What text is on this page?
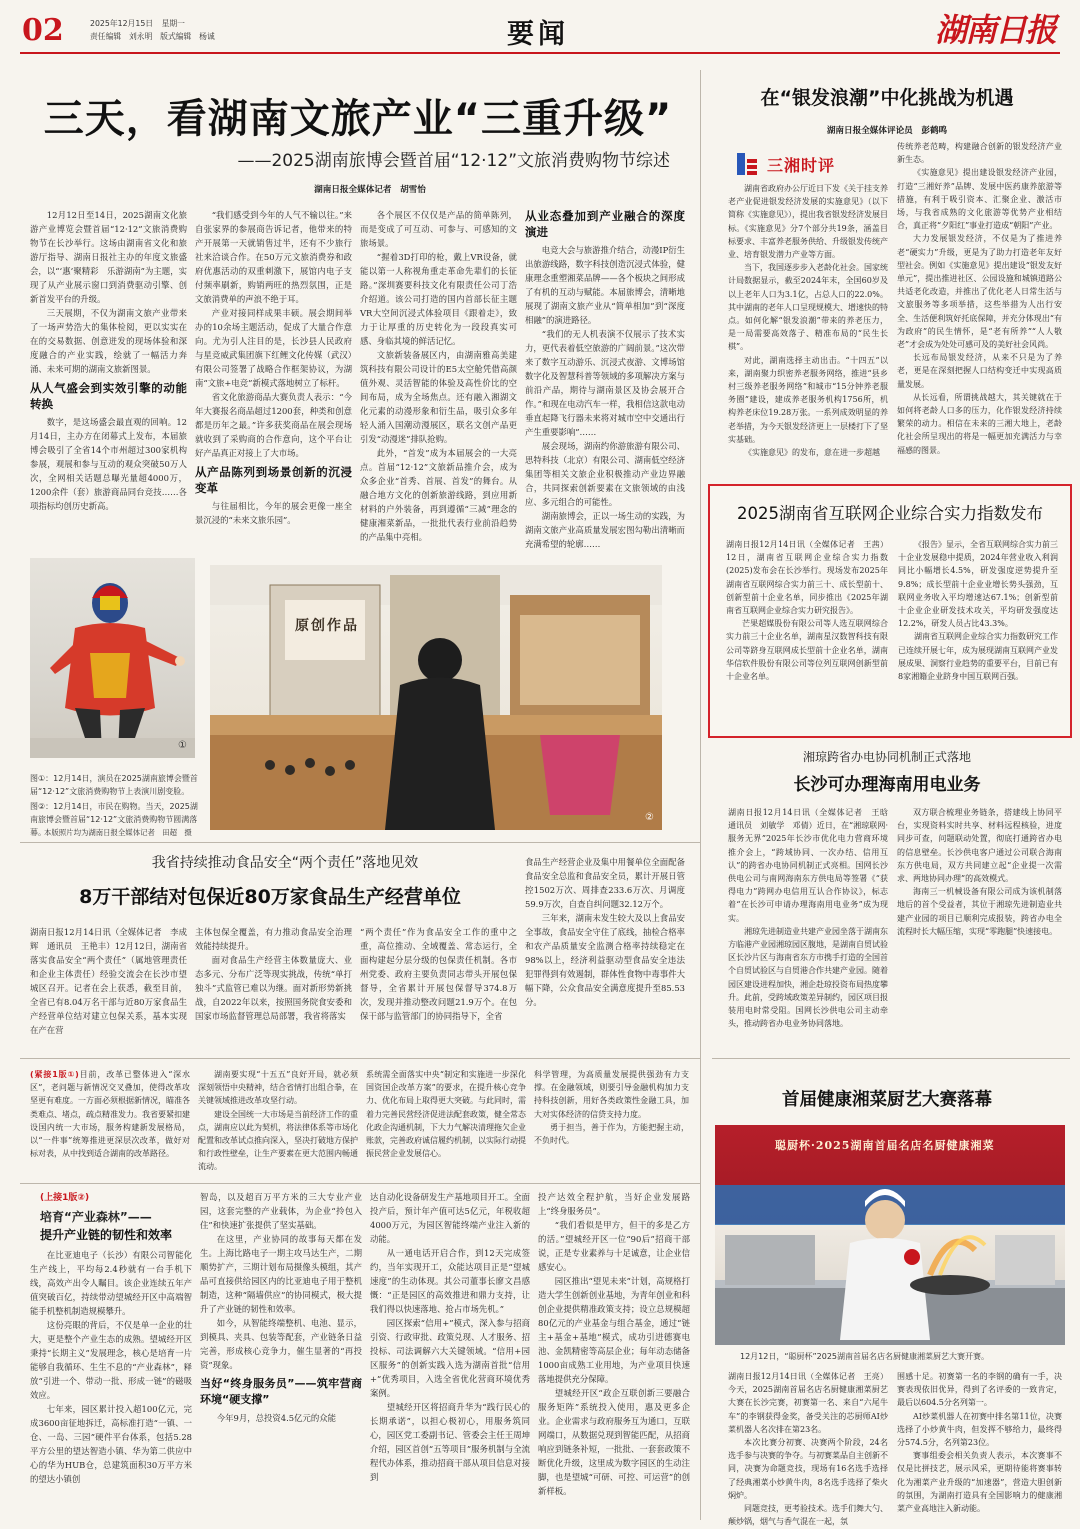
02	2025年12月15日 星期一
责任编辑　刘永明　版式编辑　杨诚	要闻	湖南日报
三天，看湖南文旅产业“三重升级”
——2025湖南旅博会暨首届“12·12”文旅消费购物节综述
湖南日报全媒体记者　胡雪怡

12月12日至14日，2025湖南文化旅游产业博览会暨首届“12·12”文旅消费购物节在长沙举行。这场由湖南省文化和旅游厅指导、湖南日报社主办的年度文旅盛会，以“‘惠’聚精彩　乐游湖南”为主题，实现了从产业展示窗口到消费驱动引擎、创新首发平台的升级。

三天展期，不仅为湖南文旅产业带来了一场声势浩大的集体检阅，更以实实在在的交易数据、创意迸发的现场体验和深度融合的产业实践，绘就了一幅活力奔涌、未来可期的湖南文旅新图景。

从人气盛会到实效引擎的动能转换

数字，是这场盛会最直观的回响。12月14日，主办方在闭幕式上发布，本届旅博会吸引了全省14个市州超过300家机构参展，观展和参与互动的观众突破50万人次，全网相关话题总曝光量超4000万，1200余件（套）旅游商品同台竞技……各项指标均创历史新高。

“我们感受到今年的人气不输以往。”来自张家界的参展商告诉记者，他带来的特产开展第一天就销售过半，还有不少旅行社来洽谈合作。在50万元文旅消费券和政府优惠活动的双重刺激下，展馆内电子支付频率刷新，购销两旺的热烈氛围，正是文旅消费单的声浪不绝于耳。

产业对接同样成果丰硕。展会期间举办的10余场主题活动，促成了大量合作意向。尤为引人注目的是，长沙县人民政府与星竞威武集团旗下红鲤文化传媒（武汉）有限公司签署了战略合作框架协议，为湖南“文旅+电竞”新模式落地树立了标杆。

省文化旅游商品大赛负责人表示：“今年大赛报名商品超过1200套，种类和创意都是历年之最。”许多获奖商品在展会现场就收到了采购商的合作意向，这个平台让好产品真正对接上了大市场。

从产品陈列到场景创新的沉浸变革

与往届相比，今年的展会更像一座全景沉浸的“未来文旅乐园”。

各个展区不仅仅是产品的简单陈列，而是变成了可互动、可参与、可感知的文旅场景。

“握着3D打印的枪，戴上VR设备，就能以第一人称视角重走革命先辈们的长征路。”深圳赛要科技文化有限责任公司丁浩介绍道。该公司打造的国内首部长征主题VR大空间沉浸式体验项目《跟着走》，致力于让厚重的历史转化为一段段真实可感、身临其境的鲜活记忆。

文旅新装备展区内，由湖南雅高美建筑科技有限公司设计的E5太空舱凭借高颜值外观、灵活智能的体验及高性价比的空间布局，成为全场焦点。还有融入湘湖文化元素的动漫形象和衍生品，吸引众多年轻人涌入国潮动漫展区，联名文创产品更引发“动漫迷”排队抢购。

此外，“首发”成为本届展会的一大亮点。首届“12·12”文旅新品推介会，成为众多企业“首秀、首展、首发”的舞台。从融合地方文化的创新旅游线路，到应用新材料的户外装备，再到遵循“三减”理念的健康湘菜新品，一批批代表行业前沿趋势的产品集中亮相。

从业态叠加到产业融合的深度演进

电竞大会与旅游推介结合，动漫IP衍生出旅游线路，数字科技创造沉浸式体验，健康理念重塑湘菜品牌——各个板块之间形成了有机的互动与赋能。本届旅博会，清晰地展现了湖南文旅产业从“简单相加”到“深度相融”的演进路径。

“我们的无人机表演不仅展示了技术实力，更代表着低空旅游的广阔前景。”这次带来了数字互动游乐、沉浸式夜游、文博场馆数字化及智慧科普等领域的多项解决方案与前沿产品，期待与湖南景区及协会展开合作。”和现在电动汽车一样，我相信这款电动垂直起降飞行器未来将对城市空中交通出行产生重要影响”……

展会现场，湖南约你游旅游有限公司、思特科技（北京）有限公司、湖南低空经济集团等相关文旅企业积极推动产业边界融合，共同探索创新要素在文旅领域的由浅应、多元组合的可能性。

湖南旅博会，正以一场生动的实践，为湖南文旅产业高质量发展宏图勾勒出清晰而充满希望的轮廓……

①
原创作品
②
图①：12月14日，演员在2025湖南旅博会暨首届“12·12”文旅消费购物节上表演川剧变脸。
图②：12月14日，市民在购物。当天，2025湖南旅博会暨首届“12·12”文旅消费购物节圆满落幕。
本版照片均为湖南日报全媒体记者　田超　摄
我省持续推动食品安全“两个责任”落地见效
8万干部结对包保近80万家食品生产经营单位

湖南日报12月14日讯（全媒体记者　李成辉　通讯员　王艳丰）12月12日，湖南省落实食品安全“两个责任”（属地管理责任和企业主体责任）经验交流会在长沙市望城区召开。记者在会上获悉，截至目前，全省已有8.04万名干部与近80万家食品生产经营单位结对建立包保关系，基本实现在产在营

主体包保全覆盖，有力推动食品安全治理效能持续提升。

面对食品生产经营主体数量庞大、业态多元、分布广泛等现实挑战，传统“单打独斗”式监管已难以为继。面对新形势新挑战，自2022年以来，按照国务院食安委和国家市场监督管理总局部署，我省将落实

“两个责任”作为食品安全工作的重中之重，高位推动、全域覆盖、常态运行，全面构建起分层分级的包保责任机制。各市州党委、政府主要负责同志带头开展包保督导，全省累计开展包保督导374.8万次，发现并推动整改问题21.9万个。在包保干部与监管部门的协同指导下，全省

食品生产经营企业及集中用餐单位全面配备食品安全总监和食品安全员，累计开展日管控1502万次、周排查233.6万次、月调度59.9万次，自查自纠问题32.12万个。

三年来，湖南未发生较大及以上食品安全事故，食品安全守住了底线，抽检合格率和农产品质量安全监测合格率持续稳定在98%以上，经济利益驱动型食品安全违法犯罪得到有效遏制，群体性食物中毒事件大幅下降，公众食品安全满意度提升至85.53分。

(紧接1版①)目前，改革已整体进入“深水区”，老问题与新情况交叉叠加，使得改革攻坚更有难度。一方面必须根据新情况，瞄准各类难点、堵点，疏点精准发力。我省要紧扣建设国内统一大市场，服务构建新发展格局，以“一件事”统筹推进更深层次改革，做好对标对表，从中找到适合湖南的改革路径。

湖南要实现“十五五”良好开局，就必须深刻领悟中央精神，结合省情打出组合拳，在关键领域推进改革攻坚行动。

建设全国统一大市场是当前经济工作的重点，湖南应以此为契机，将法律体系等市场化配置和改革试点推向深入，坚决打破地方保护和行政性壁垒，让生产要素在更大范围内畅通流动。

系统需全面落实中央“制定和实施进一步深化国资国企改革方案”的要求，在提升核心竞争力、优化布局上取得更大突破。与此同时，需着力完善民营经济促进法配套政策，健全常态化政企沟通机制，下大力气解决清理拖欠企业账款，完善政府诚信履约机制，以实际行动提振民营企业发展信心。

科学管理，为高质量发展提供强劲有力支撑。在金融领域，则要引导金融机构加力支持科技创新，用好各类政策性金融工具，加大对实体经济的信贷支持力度。

勇于担当，善于作为，方能把握主动，不负时代。

(上接1版②)
培育“产业森林”——
提升产业链的韧性和效率

在比亚迪电子（长沙）有限公司智能化生产线上，平均每2.4秒就有一台手机下线，高效产出令人瞩目。该企业连续五年产值突破百亿，持续带动望城经开区中高端智能手机整机制造规模攀升。

这份亮眼的背后，不仅是单一企业的壮大，更是整个产业生态的成熟。望城经开区秉持“长期主义”发展理念，核心是培育一片能够自我循环、生生不息的“产业森林”，释放“引进一个、带动一批、形成一链”的磁吸效应。

七年来，园区累计投入超100亿元，完成3600亩征地拆迁，高标准打造“一镇、一仓、一岛、三园”硬件平台体系，包括5.28平方公里的望达智造小镇、华为第二供应中心的华为HUB仓，总建筑面积30万平方米的望达小镇创

智岛，以及超百万平方米的三大专业产业园，这套完整的产业载体，为企业“拎包入住”和快速扩张提供了坚实基础。

在这里，产业协同的故事每天都在发生。上海比路电子一期主攻马达生产，二期顺势扩产，三期计划布局摄像头模组，其产品可直接供给园区内的比亚迪电子用于整机制造，这种“隔墙供应”的协同模式，极大提升了产业链的韧性和效率。

如今，从智能终端整机、电池、显示，到模具、夹具、包装等配套，产业链条日益完善，形成核心竞争力，催生显著的“再投资”现象。

当好“终身服务员”——筑牢营商环境“硬支撑”

今年9月，总投资4.5亿元的众能

达自动化设备研发生产基地项目开工。全面投产后，预计年产值可达5亿元，年税收超4000万元，为园区智能终端产业注入新的动能。

从一通电话开启合作，到12天完成签约，当年实现开工，众能达项目正是“望城速度”的生动体现。其公司董事长廖文昌感慨：“正是园区的高效推进和鼎力支持，让我们得以快速落地、抢占市场先机。”

园区探索“信用+”模式，深入参与招商引资、行政审批、政策兑现、人才服务、招投标、司法调解六大关键领域。“信用+园区服务”的创新实践入选为湖南首批“信用+”优秀项目，入选全省优化营商环境优秀案例。

望城经开区将招商升华为“践行民心的长期承诺”，以担心极初心，用服务筑同心，园区党工委副书记、管委会主任王周坤介绍，园区首创“五等项目”服务机制与全流程代办体系，推动招商干部从项目信息对接到

投产达效全程护航，当好企业发展路上“终身服务员”。

“我们看似是甲方，但干的多是乙方的活。”望城经开区一位“90后”招商干部说，正是专业素养与十足诚意，让企业信感安心。

园区推出“望见未来”计划，高规格打造大学生创新创业基地，为青年创业和科创企业提供精准政策支持；设立总规模超80亿元的产业基金与组合基金，通过“链主+基金+基地”模式，成功引进德赛电池、金凯精密等高层企业；每年动态储备1000亩成熟工业用地，为产业项目快速落地提供充分保障。

望城经开区“政企互联创新三要融合服务矩阵”系统投入使用，惠及更多企业。企业需求与政府服务互为通口，互联网端口，从数据兑现到智能匹配，从招商响应到链条补短，一批批、一套套政策不断优化升级，这里成为数字园区的生动注脚，也是望城“可研、可控、可运营”的创新样板。

在“银发浪潮”中化挑战为机遇
湖南日报全媒体评论员　彭鹤鸣
三湘时评

湖南省政府办公厅近日下发《关于挂支养老产业促进银发经济发展的实施意见》（以下简称《实施意见》），提出我省银发经济发展目标。《实施意见》分7个部分共19条，涵盖目标要求、丰富养老服务供给、升级银发传统产业、培育银发潜力产业等方面。

当下，我国逐步步入老龄化社会。国家统计局数据显示，截至2024年末，全国60岁及以上老年人口为3.1亿，占总人口的22.0%。其中湖南的老年人口呈现规模大、增速快的特点。如何化解“银发浪潮”带来的养老压力，是一局需要高效落子、精准布局的“民生长棋”。

对此，湖南选择主动出击。“十四五”以来，湖南聚力织密养老服务网络，推进“县乡村三级养老服务网络”和城市“15分钟养老服务圈”建设，建成养老服务机构1756所，机构养老床位19.28万张。一系列成效明显的养老举措，为今天银发经济更上一层楼打下了坚实基础。

《实施意见》的发布，意在进一步超越

传统养老范畴，构建融合创新的银发经济产业新生态。

《实施意见》提出建设银发经济产业园，打造“三湘好养”品牌、发展中医药康养旅游等措施，有利于吸引资本、汇聚企业、激活市场，与我省成熟的文化旅游等优势产业相结合，真正将“夕阳红”事业打造成“朝阳”产业。

大力发展银发经济，不仅是为了推进养老“硬实力”升级，更是为了助力打造老年友好型社会。例如《实施意见》提出建设“银发友好单元”，提出推进社区、公园设施和城镇道路公共适老化改造，并推出了优化老人日常生活与文旅服务等多项举措，这些举措为人出行安全、生活便利筑好托底保障，并充分体现出“有为政府”的民生情怀，是“老有所养”“人人敬老”才会成为处处可感可及的美好社会风尚。

长远布局银发经济，从来不只是为了养老，更是在深刻把握人口结构变迁中实现高质量发展。

从长远看，所谓挑战越大，其关键就在于如何将老龄人口多的压力，化作银发经济持续繁荣的动力。相信在未来的三湘大地上，老龄化社会所呈现出的将是一幅更加充满活力与幸福感的图景。

2025湖南省互联网企业综合实力指数发布

湖南日报12月14日讯（全媒体记者　王茜）12日，湖南省互联网企业综合实力指数(2025)发布会在长沙举行。现场发布2025年湖南省互联网综合实力前三十、成长型前十、创新型前十企业名单，同步推出《2025年湖南省互联网企业综合实力研究报告》。

芒果超媒股份有限公司等人选互联网综合实力前三十企业名单，湖南星汉数智科技有限公司等跻身互联网成长型前十企业名单，湖南华信软件股份有限公司等位列互联网创新型前十企业名单。

《报告》显示，全省互联网综合实力前三十企业发展稳中提质，2024年营业收入利润同比小幅增长4.5%，研发强度逆势提升至9.8%；成长型前十企业业增长势头强劲，互联网业务收入平均增速达67.1%；创新型前十企业企业研发技术攻关，平均研发强度达12.2%，研发人员占比43.3%。

湖南省互联网企业综合实力指数研究工作已连续开展七年，成为展现湖南互联网产业发展成果、洞察行业趋势的重要平台，目前已有8家湘籍企业跻身中国互联网百强。

湘琼跨省办电协同机制正式落地
长沙可办理海南用电业务

湖南日报12月14日讯（全媒体记者　王晗　通讯员　刘敏学　邓倩）近日，在“湘琼联网·服务无界”2025年长沙市优化电力营商环境推介会上，“跨域协同、一次办结、信用互认”的跨省办电协同机制正式亮相。国网长沙供电公司与南网海南东方供电局等签署《“获得电力”跨网办电信用互认合作协议》，标志着“在长沙可申请办理海南用电业务”成为现实。

湘琼先进制造业共建产业园坐落于湖南东方临港产业园湘琼园区腹地，是湖南自贸试验区长沙片区与海南省东方市携手打造的全国首个自贸试验区与自贸港合作共建产业园。随着园区建设进程加快，湘企赴琼投资布局热度攀升。此前，受跨域政策差异制约，园区项目报装用电时常受阻。国网长沙供电公司主动牵头，推动跨省办电业务协同落地。

双方联合梳理业务链条，搭建线上协同平台，实现资料实时共享、材料远程核验，进度同步可查，问题联动处置，彻底打通跨省办电的信息壁垒。长沙供电客户通过公司联合海南东方供电局，双方共同建立起“企业提一次需求、两地协同办理”的高效模式。

海南三一机械设备有限公司成为该机制落地后的首个受益者，其位于湘琼先进制造业共建产业园的项目已顺利完成报装，跨省办电全流程时长大幅压缩，实现“零跑腿”快速接电。

首届健康湘菜厨艺大赛落幕
聪厨杯·2025湖南首届名店名厨健康湘菜
12月12日，“聪厨杯”2025湖南首届名店名厨健康湘菜厨艺大赛开赛。

湖南日报12月14日讯（全媒体记者　王亮）今天，2025湖南首届名店名厨健康湘菜厨艺大赛在长沙完赛，初赛第一名、来自“六尾牛车”的李钢获得金奖，备受关注的芯厨师AI炒菜机器人名次排在第23名。

本次比赛分初赛、决赛两个阶段，24名选手参与决赛的争夺。与初赛菜品自主创新不同，决赛为命题竞技，现场有16名选手选择了经典湘菜小炒黄牛肉，8名选手选择了柴火焖炉。

同题竞技，更考验技术。选手们舞大勺、颠炒锅，烟气与香气混在一起，氛

围感十足。初赛第一名的李钢的确有一手，决赛表现依旧优异，得到了名评委的一致肯定，最后以604.5分名列第一。

AI炒菜机器人在初赛中排名第11位，决赛选择了小炒黄牛肉，但发挥不够给力，最终得分574.5分，名列第23位。

赛事组委会相关负责人表示，本次赛事不仅是比拼技艺，展示风采，更期待能将赛事转化为湘菜产业升级的“加速器”，营造大胆创新的氛围，为湖南打造具有全国影响力的健康湘菜产业高地注入新动能。
